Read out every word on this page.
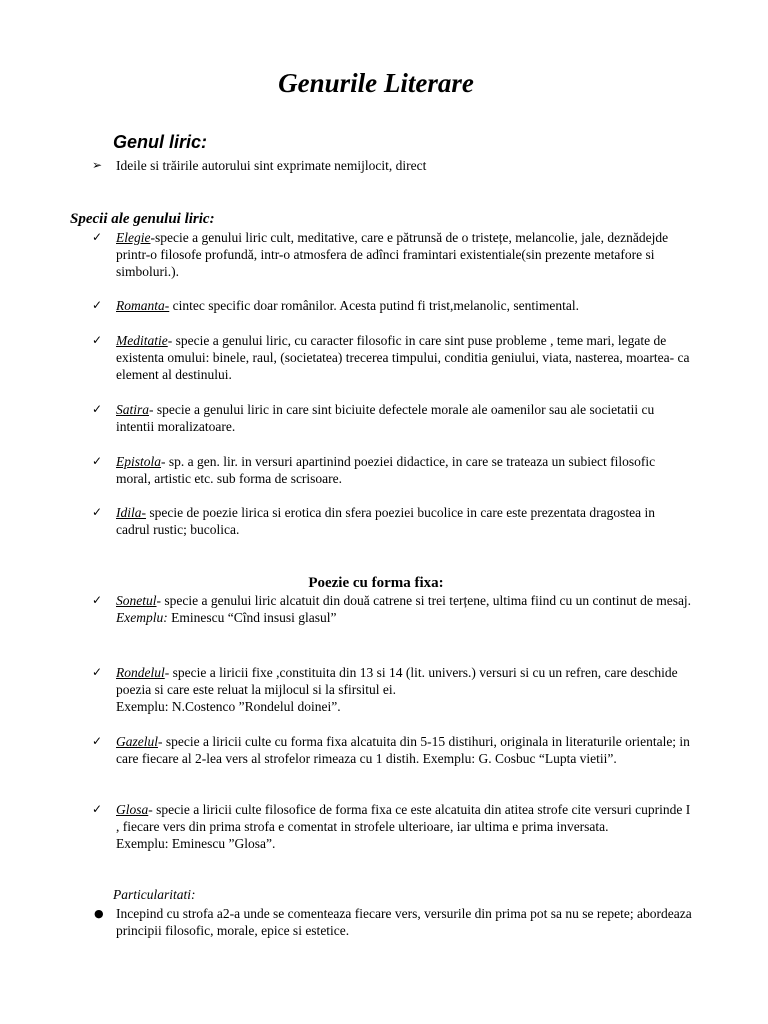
Genurile Literare
Genul liric:
➢	Ideile si trăirile autorului sint exprimate nemijlocit, direct

Specii ale genului liric:
✓	Elegie-specie a genului liric cult, meditative, care e pătrunsă de o tristețe, melancolie, jale, deznădejde printr-o filosofe profundă, intr-o atmosfera de adînci framintari existentiale(sin prezente metafore si simboluri.).

✓	Romanta- cintec specific doar românilor. Acesta putind fi trist,melanolic, sentimental.

✓	Meditatie- specie a genului liric, cu caracter filosofic in care sint puse probleme , teme mari, legate de existenta omului: binele, raul, (societatea) trecerea timpului, conditia geniului, viata, nasterea, moartea- ca element al destinului.

✓	Satira- specie a genului liric in care sint biciuite defectele morale ale oamenilor sau ale societatii cu intentii moralizatoare.

✓	Epistola- sp. a gen. lir. in versuri apartinind poeziei didactice, in care se trateaza un subiect filosofic moral, artistic etc. sub forma de scrisoare.

✓	Idila- specie de poezie lirica si erotica din sfera poeziei bucolice in care este prezentata dragostea in cadrul rustic; bucolica.

Poezie cu forma fixa:
✓	Sonetul- specie a genului liric alcatuit din două catrene si trei terțene, ultima fiind cu un continut de mesaj.

Exemplu: Eminescu “Cînd insusi glasul”

✓	Rondelul- specie a liricii fixe ,constituita din 13 si 14 (lit. univers.) versuri si cu un refren, care deschide poezia si care este reluat la mijlocul si la sfirsitul ei.

Exemplu: N.Costenco ”Rondelul doinei”.

✓	Gazelul- specie a liricii culte cu forma fixa alcatuita din 5-15 distihuri, originala in literaturile orientale; in care fiecare al 2-lea vers al strofelor rimeaza cu 1 distih. Exemplu: G. Cosbuc “Lupta vietii”.

✓	Glosa- specie a liricii culte filosofice de forma fixa ce este alcatuita din atitea strofe cite versuri cuprinde I , fiecare vers din prima strofa e comentat in strofele ulterioare, iar ultima e prima inversata.

Exemplu: Eminescu ”Glosa”.

Particularitati:

● Incepind cu strofa a2-a unde se comenteaza fiecare vers, versurile din prima pot sa nu se repete; abordeaza principii filosofic, morale, epice si estetice.
